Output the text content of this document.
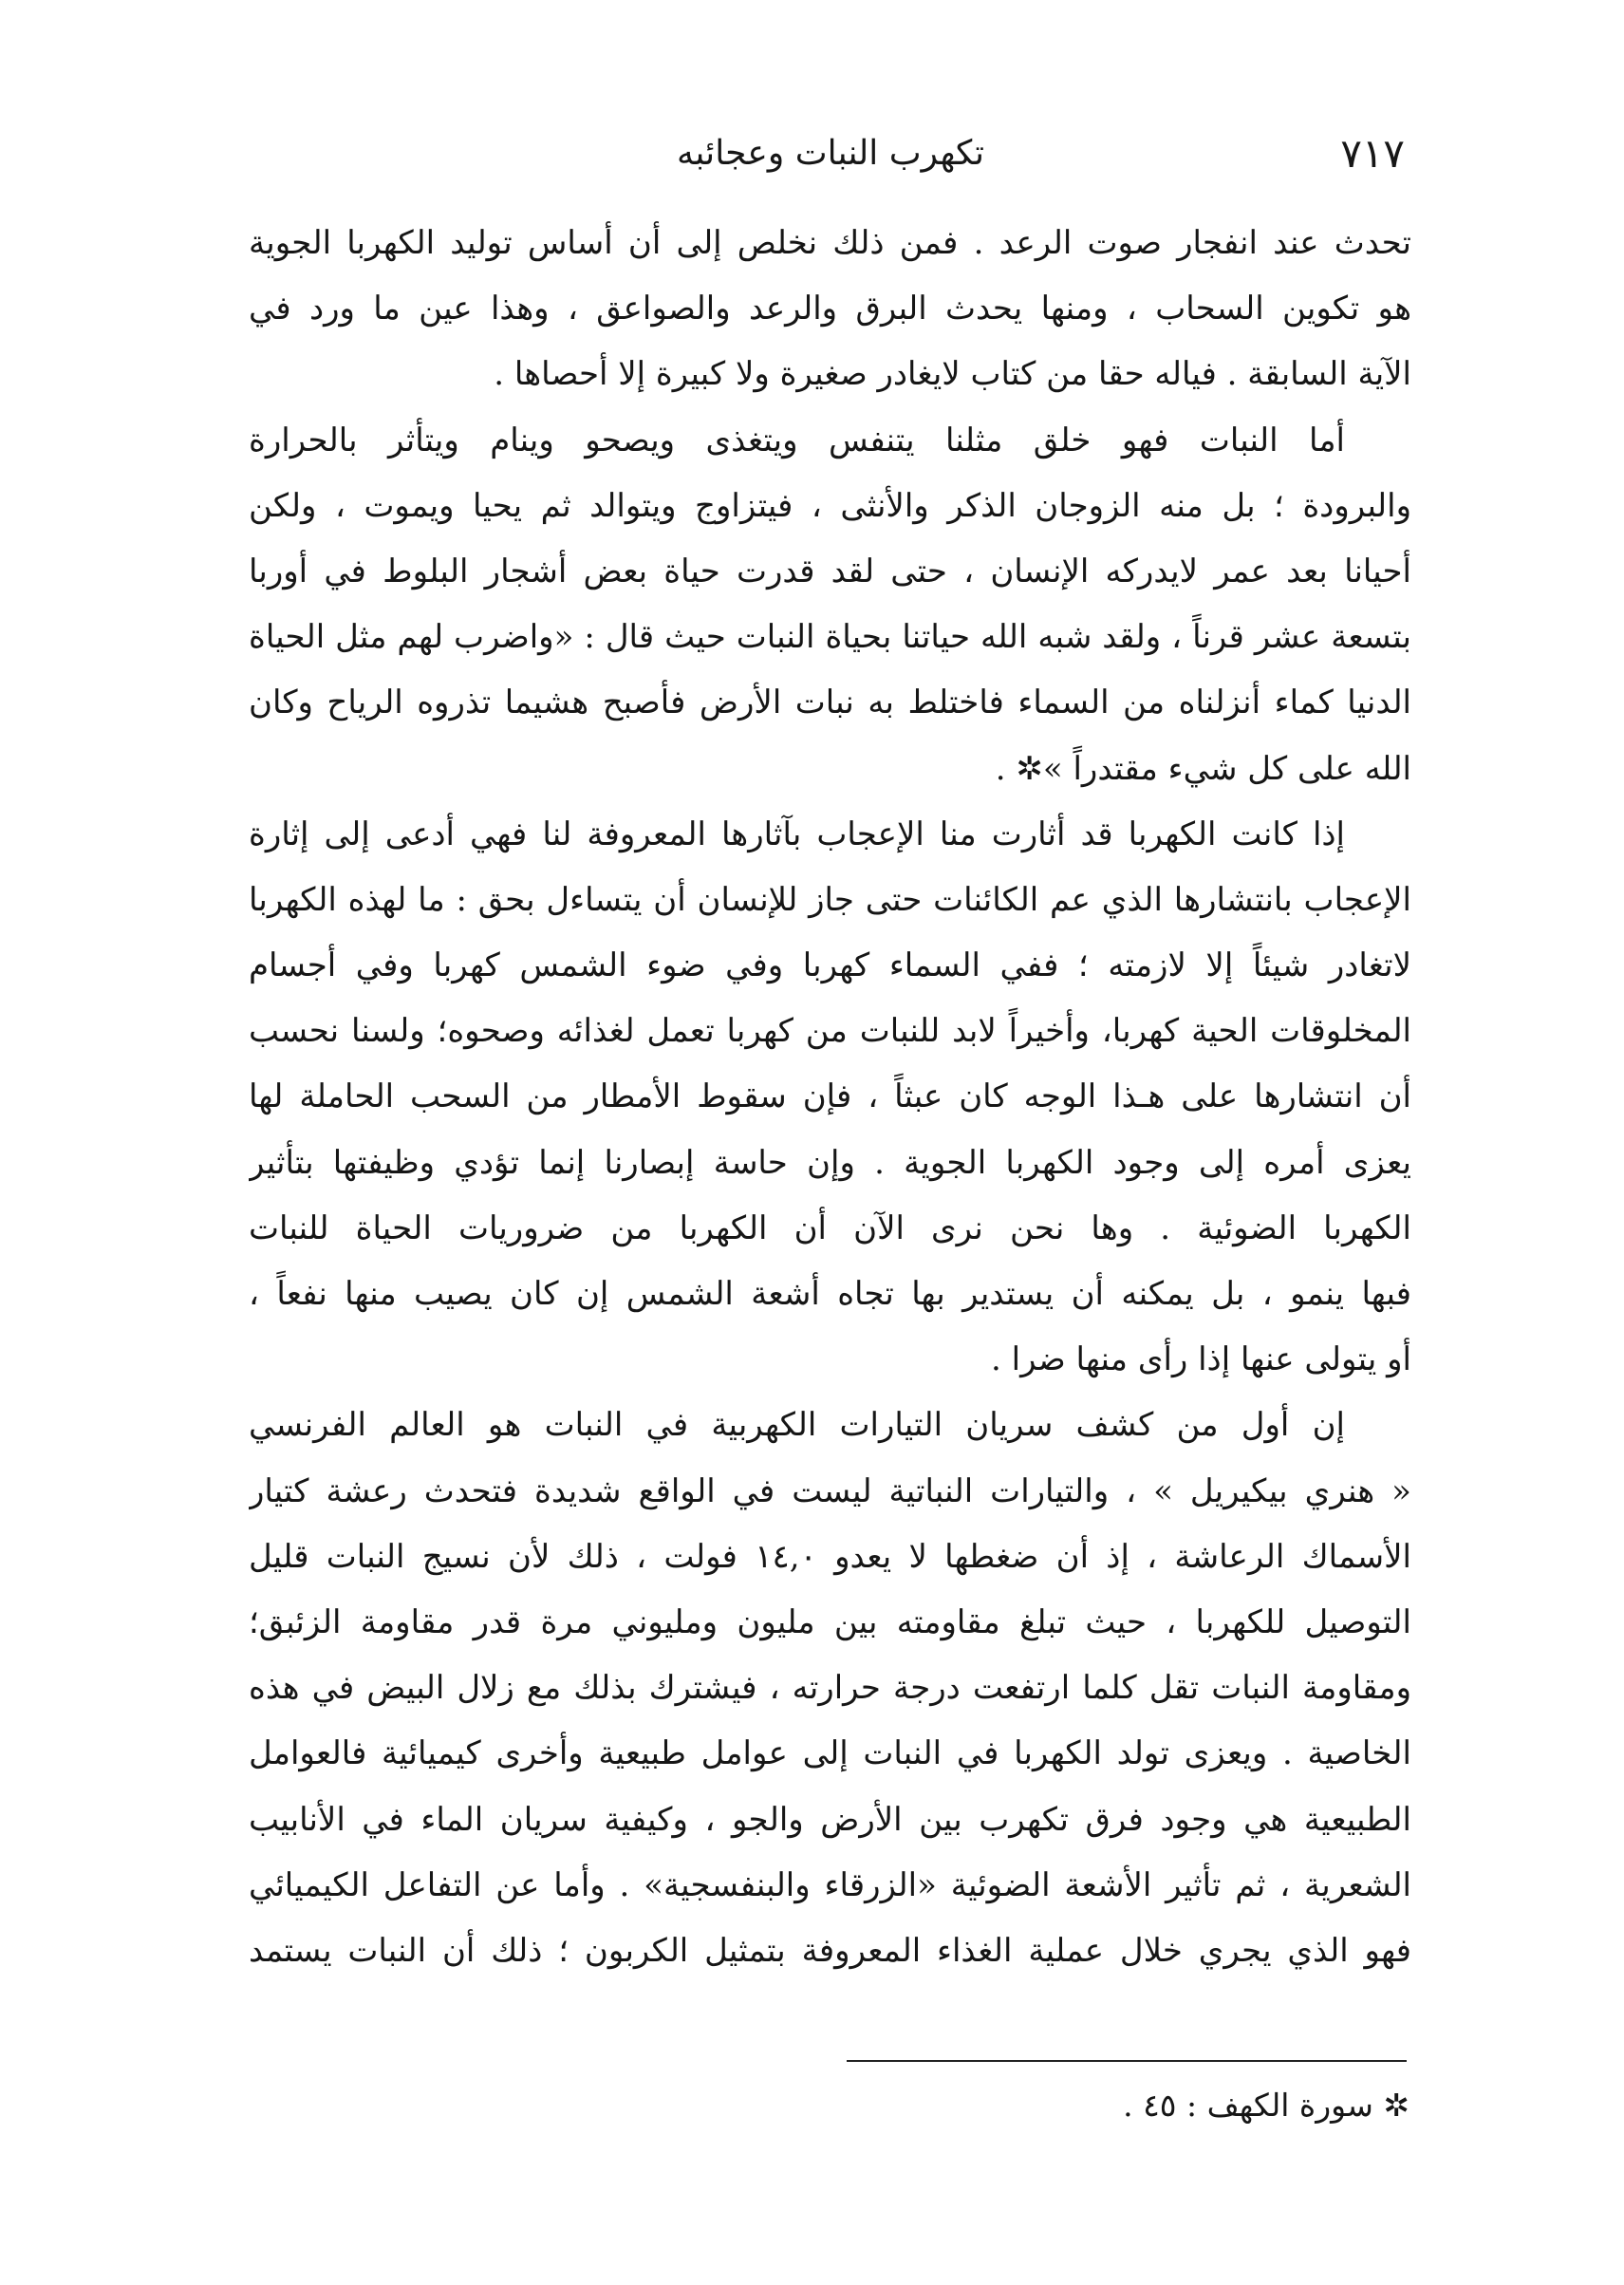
٧١٧
تكهرب النبات وعجائبه
تحدث عند انفجار صوت الرعد . فمن ذلك نخلص إلى أن أساس توليد الكهربا الجوية
هو تكوين السحاب ، ومنها يحدث البرق والرعد والصواعق ، وهذا عين ما ورد في
الآية السابقة . فياله حقا من كتاب لايغادر صغيرة ولا كبيرة إلا أحصاها .
أما النبات فهو خلق مثلنا يتنفس ويتغذى ويصحو وينام ويتأثر بالحرارة
والبرودة ؛ بل منه الزوجان الذكر والأنثى ، فيتزاوج ويتوالد ثم يحيا ويموت ، ولكن
أحيانا بعد عمر لايدركه الإنسان ، حتى لقد قدرت حياة بعض أشجار البلوط في أوربا
بتسعة عشر قرناً ، ولقد شبه الله حياتنا بحياة النبات حيث قال : «واضرب لهم مثل الحياة
الدنيا كماء أنزلناه من السماء فاختلط به نبات الأرض فأصبح هشيما تذروه الرياح وكان
الله على كل شيء مقتدراً »✲ .
إذا كانت الكهربا قد أثارت منا الإعجاب بآثارها المعروفة لنا فهي أدعى إلى إثارة
الإعجاب بانتشارها الذي عم الكائنات حتى جاز للإنسان أن يتساءل بحق : ما لهذه الكهربا
لاتغادر شيئاً إلا لازمته ؛ ففي السماء كهربا وفي ضوء الشمس كهربا وفي أجسام
المخلوقات الحية كهربا، وأخيراً لابد للنبات من كهربا تعمل لغذائه وصحوه؛ ولسنا نحسب
أن انتشارها على هـذا الوجه كان عبثاً ، فإن سقوط الأمطار من السحب الحاملة لها
يعزى أمره إلى وجود الكهربا الجوية . وإن حاسة إبصارنا إنما تؤدي وظيفتها بتأثير
الكهربا الضوئية . وها نحن نرى الآن أن الكهربا من ضروريات الحياة للنبات
فبها ينمو ، بل يمكنه أن يستدير بها تجاه أشعة الشمس إن كان يصيب منها نفعاً ،
أو يتولى عنها إذا رأى منها ضرا .
إن أول من كشف سريان التيارات الكهربية في النبات هو العالم الفرنسي
« هنري بيكيريل » ، والتيارات النباتية ليست في الواقع شديدة فتحدث رعشة كتيار
الأسماك الرعاشة ، إذ أن ضغطها لا يعدو ١٤,٠ فولت ، ذلك لأن نسيج النبات قليل
التوصيل للكهربا ، حيث تبلغ مقاومته بين مليون ومليوني مرة قدر مقاومة الزئبق؛
ومقاومة النبات تقل كلما ارتفعت درجة حرارته ، فيشترك بذلك مع زلال البيض في هذه
الخاصية . ويعزى تولد الكهربا في النبات إلى عوامل طبيعية وأخرى كيميائية فالعوامل
الطبيعية هي وجود فرق تكهرب بين الأرض والجو ، وكيفية سريان الماء في الأنابيب
الشعرية ، ثم تأثير الأشعة الضوئية «الزرقاء والبنفسجية» . وأما عن التفاعل الكيميائي
فهو الذي يجري خلال عملية الغذاء المعروفة بتمثيل الكربون ؛ ذلك أن النبات يستمد
✲ سورة الكهف : ٤٥ .
